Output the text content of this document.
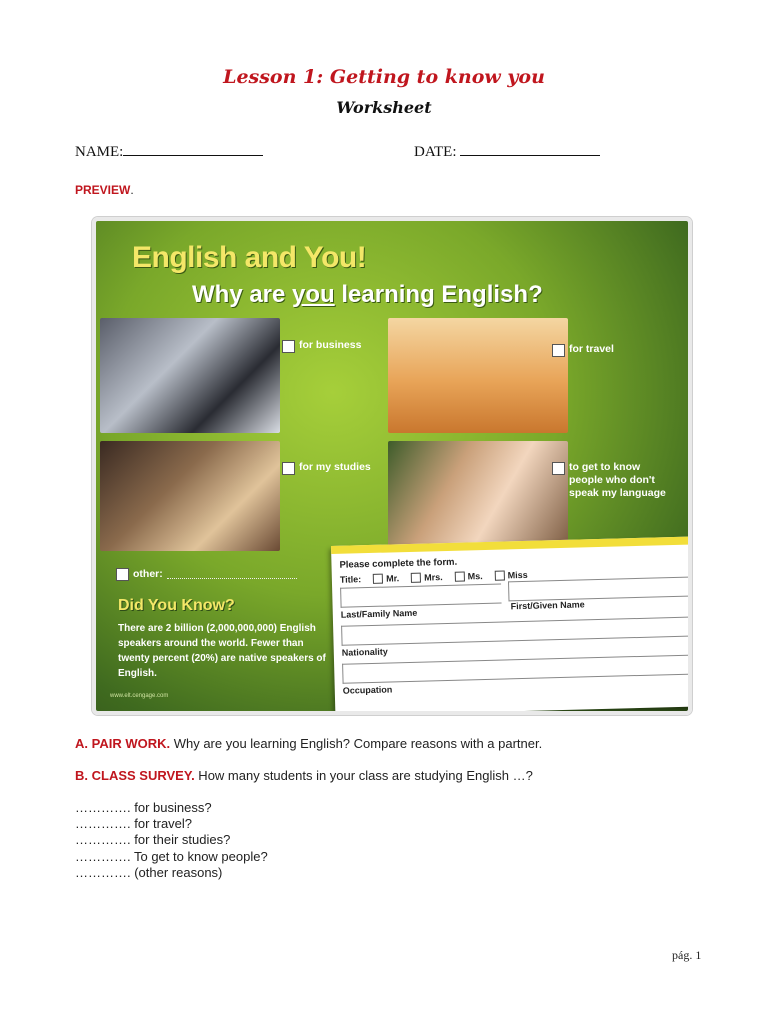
Lesson 1: Getting to know you
Worksheet
NAME:	DATE:
PREVIEW.
English and You!
Why are you learning English?
for business	for travel
for my studies	to get to know people who don't speak my language
other:
Did You Know?
There are 2 billion (2,000,000,000) English speakers around the world. Fewer than twenty percent (20%) are native speakers of English.
www.elt.cengage.com
Please complete the form.
Title:	Mr.	Mrs.	Ms.	Miss
Last/Family Name
First/Given Name
Nationality
Occupation
A. PAIR WORK. Why are you learning English? Compare reasons with a partner.
B. CLASS SURVEY. How many students in your class are studying English …?
…………. for business?
…………. for travel?
…………. for their studies?
…………. To get to know people?
…………. (other reasons)
pág. 1
